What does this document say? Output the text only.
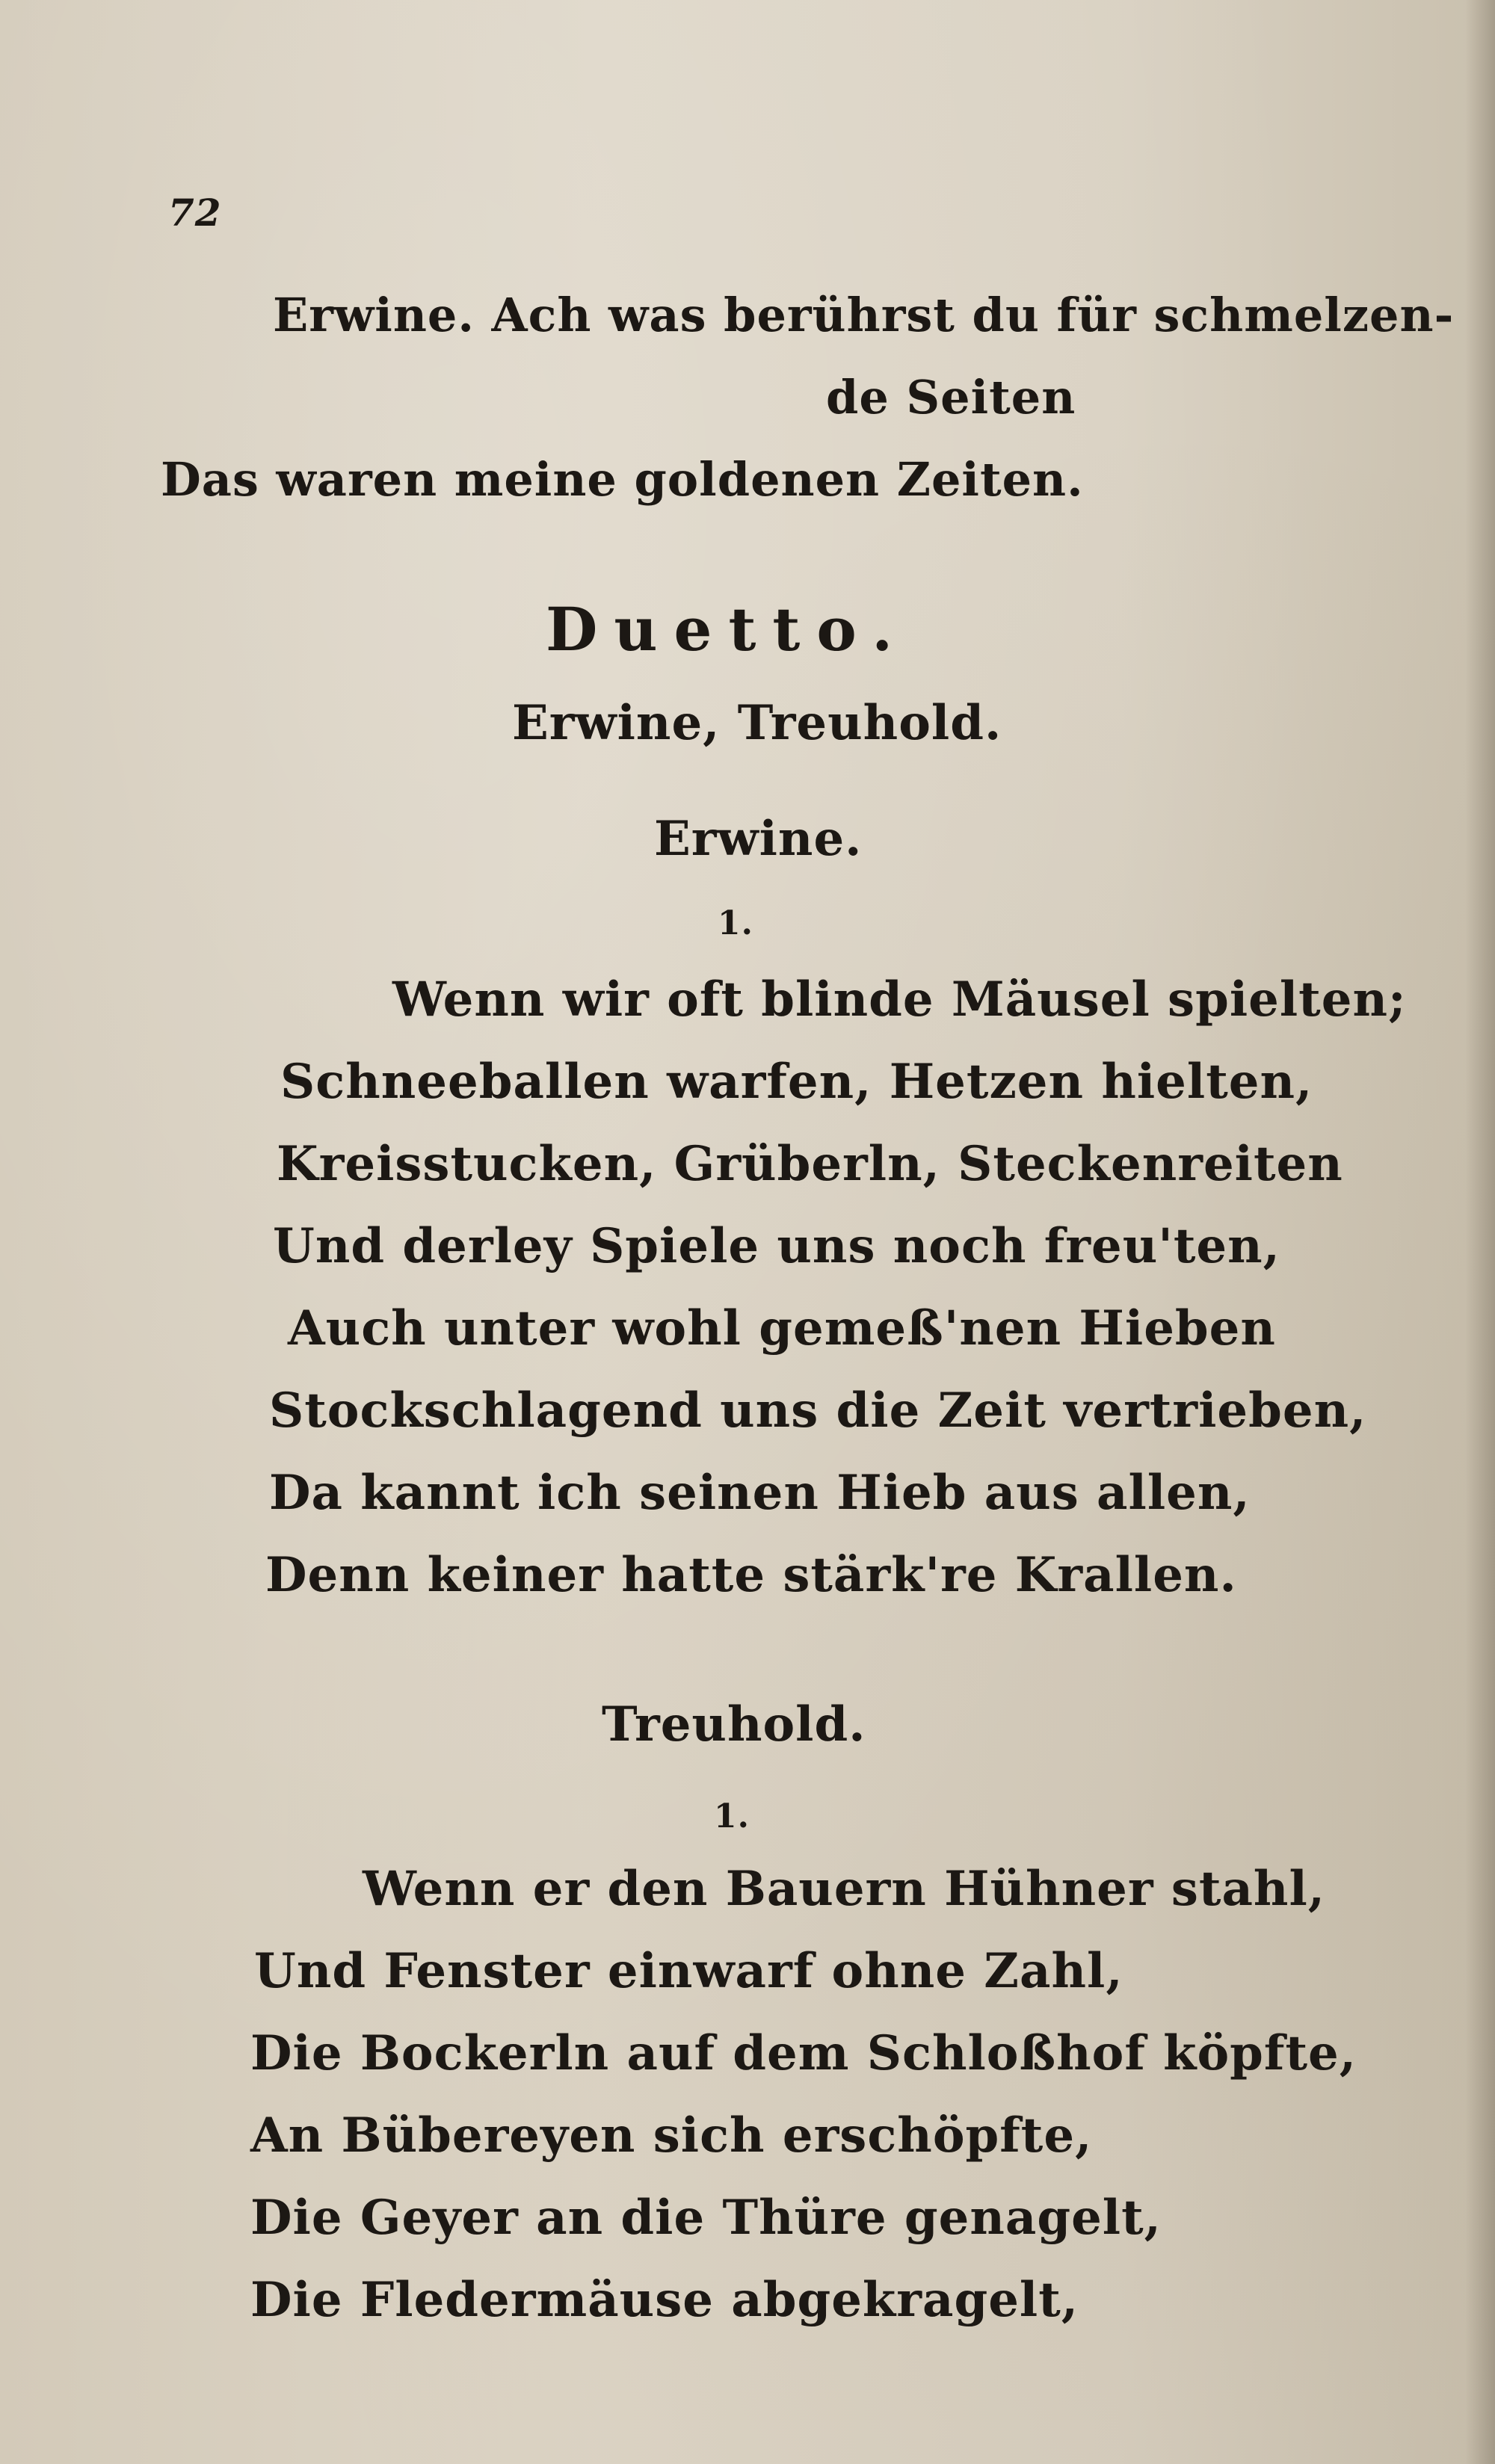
72
Erwine. Ach was berührst du für schmelzen-
de Seiten
Das waren meine goldenen Zeiten.
Duetto.
Erwine, Treuhold.
Erwine.
1.
Wenn wir oft blinde Mäusel spielten;
Schneeballen warfen, Hetzen hielten,
Kreisstucken, Grüberln, Steckenreiten
Und derley Spiele uns noch freu'ten,
Auch unter wohl gemeß'nen Hieben
Stockschlagend uns die Zeit vertrieben,
Da kannt ich seinen Hieb aus allen,
Denn keiner hatte stärk're Krallen.
Treuhold.
1.
Wenn er den Bauern Hühner stahl,
Und Fenster einwarf ohne Zahl,
Die Bockerln auf dem Schloßhof köpfte,
An Bübereyen sich erschöpfte,
Die Geyer an die Thüre genagelt,
Die Fledermäuse abgekragelt,
